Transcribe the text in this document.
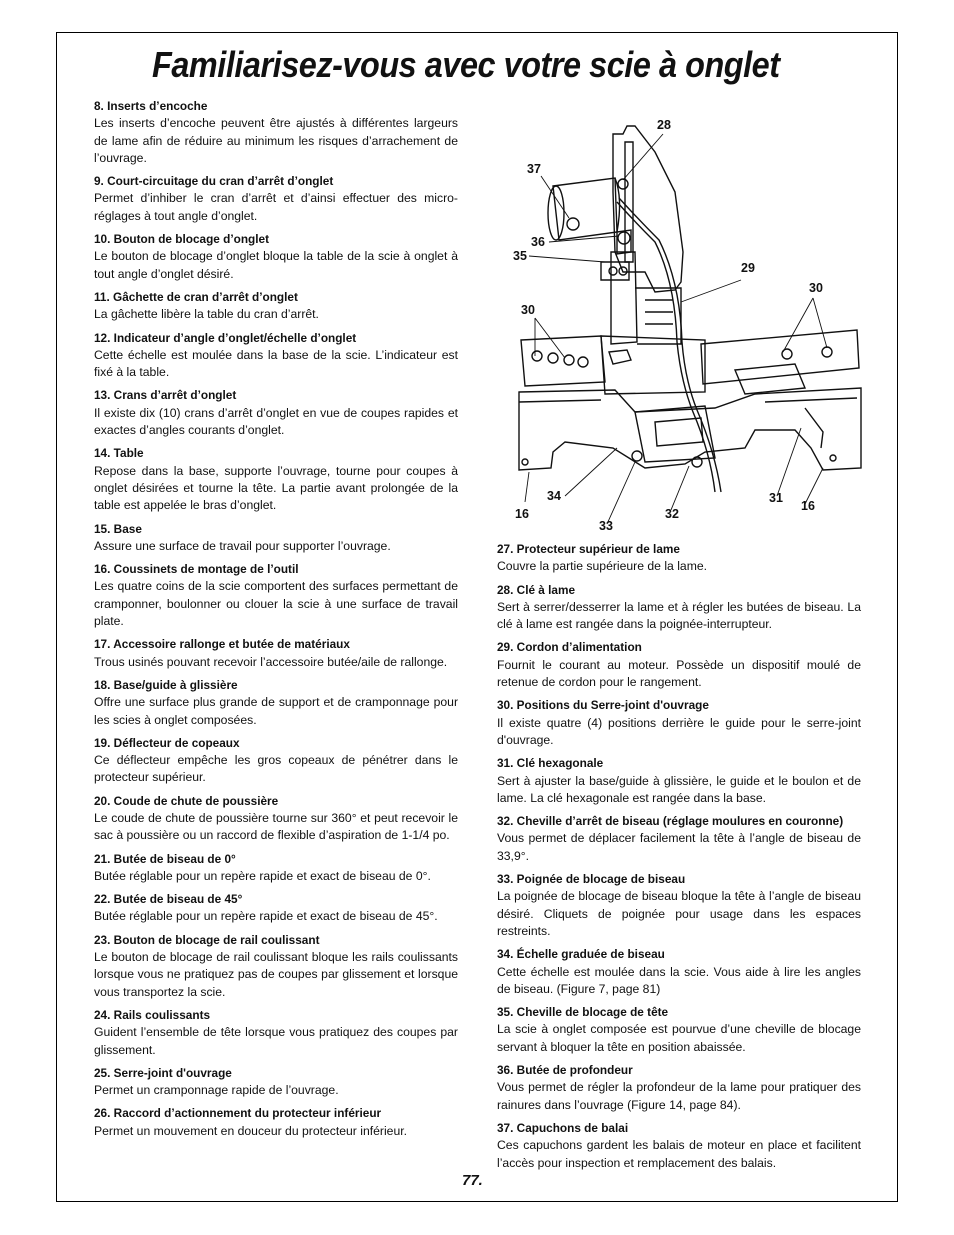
Familiarisez-vous avec votre scie à onglet
8. Inserts d’encoche
Les inserts d’encoche peuvent être ajustés à différentes largeurs de lame afin de réduire au minimum les risques d’arrachement de l’ouvrage.
9. Court-circuitage du cran d’arrêt d’onglet
Permet d’inhiber le cran d’arrêt et d’ainsi effectuer des micro-réglages à tout angle d’onglet.
10. Bouton de blocage d’onglet
Le bouton de blocage d’onglet bloque la table de la scie à onglet à tout angle d’onglet désiré.
11. Gâchette de cran d’arrêt d’onglet
La gâchette libère la table du cran d’arrêt.
12. Indicateur d’angle d’onglet/échelle d’onglet
Cette échelle est moulée dans la base de la scie. L’indicateur est fixé à la table.
13. Crans d’arrêt d’onglet
Il existe dix (10) crans d’arrêt d’onglet en vue de coupes rapides et exactes d’angles courants d’onglet.
14. Table
Repose dans la base, supporte l’ouvrage, tourne pour coupes à onglet désirées et tourne la tête. La partie avant prolongée de la table est appelée le bras d’onglet.
15. Base
Assure une surface de travail pour supporter l’ouvrage.
16. Coussinets de montage de l’outil
Les quatre coins de la scie comportent des surfaces permettant de cramponner, boulonner ou clouer la scie à une surface de travail plate.
17. Accessoire rallonge et butée de matériaux
Trous usinés pouvant recevoir l’accessoire butée/aile de rallonge.
18. Base/guide à glissière
Offre une surface plus grande de support et de cramponnage pour les scies à onglet composées.
19. Déflecteur de copeaux
Ce déflecteur empêche les gros copeaux de pénétrer dans le protecteur supérieur.
20. Coude de chute de poussière
Le coude de chute de poussière tourne sur 360° et peut recevoir le sac à poussière ou un raccord de flexible d’aspiration de 1-1/4 po.
21. Butée de biseau de 0°
Butée réglable pour un repère rapide et exact de biseau de 0°.
22. Butée de biseau de 45°
Butée réglable pour un repère rapide et exact de biseau de 45°.
23. Bouton de blocage de rail coulissant
Le bouton de blocage de rail coulissant bloque les rails coulissants lorsque vous ne pratiquez pas de coupes par glissement et lorsque vous transportez la scie.
24. Rails coulissants
Guident l’ensemble de tête lorsque vous pratiquez des coupes par glissement.
25. Serre-joint d'ouvrage
Permet un cramponnage rapide de l’ouvrage.
26. Raccord d’actionnement du protecteur inférieur
Permet un mouvement en douceur du protecteur inférieur.
27. Protecteur supérieur de lame
Couvre la partie supérieure de la lame.
28. Clé à lame
Sert à serrer/desserrer la lame et à régler les butées de biseau. La clé à lame est rangée dans la poignée-interrupteur.
29. Cordon d’alimentation
Fournit le courant au moteur. Possède un dispositif moulé de retenue de cordon pour le rangement.
30. Positions du Serre-joint d'ouvrage
Il existe quatre (4) positions derrière le guide pour le serre-joint d'ouvrage.
31. Clé hexagonale
Sert à ajuster la base/guide à glissière, le guide et le boulon et de lame. La clé hexagonale est rangée dans la base.
32. Cheville d’arrêt de biseau (réglage moulures en couronne)
Vous permet de déplacer facilement la tête à l’angle de biseau de 33,9°.
33. Poignée de blocage de biseau
La poignée de blocage de biseau bloque la tête à l’angle de biseau désiré. Cliquets de poignée pour usage dans les espaces restreints.
34. Échelle graduée de biseau
Cette échelle est moulée dans la scie. Vous aide à lire les angles de biseau. (Figure 7, page 81)
35. Cheville de blocage de tête
La scie à onglet composée est pourvue d’une cheville de blocage servant à bloquer la tête en position abaissée.
36. Butée de profondeur
Vous permet de régler la profondeur de la lame pour pratiquer des rainures dans l’ouvrage (Figure 14, page 84).
37. Capuchons de balai
Ces capuchons gardent les balais de moteur en place et facilitent l’accès pour inspection et remplacement des balais.
28
37
36
35
29
30
30
16
34
33
32
31
16
77.
